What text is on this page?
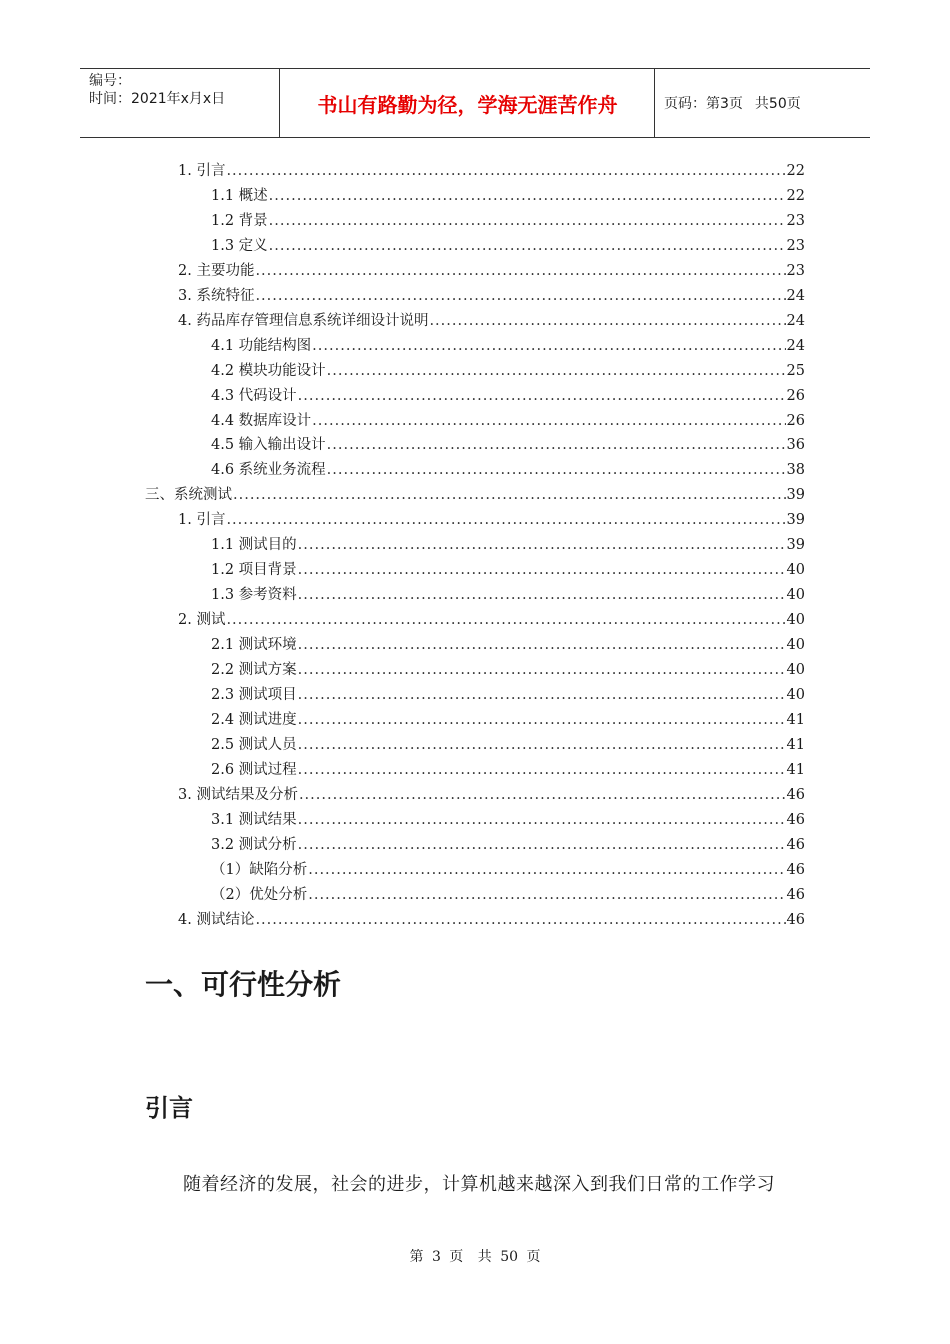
编号：
时间：2021年x月x日	书山有路勤为径，学海无涯苦作舟	页码：第3页 共50页
1. 引言 .....	22
1.1 概述 .....	22
1.2 背景 .....	23
1.3 定义 .....	23
2. 主要功能 .....	23
3. 系统特征 .....	24
4. 药品库存管理信息系统详细设计说明 .....	24
4.1 功能结构图 .....	24
4.2 模块功能设计 .....	25
4.3 代码设计 .....	26
4.4 数据库设计 .....	26
4.5 输入输出设计 .....	36
4.6 系统业务流程 .....	38
三、系统测试 .....	39
1. 引言 .....	39
1.1 测试目的 .....	39
1.2 项目背景 .....	40
1.3 参考资料 .....	40
2. 测试 .....	40
2.1 测试环境 .....	40
2.2 测试方案 .....	40
2.3 测试项目 .....	40
2.4 测试进度 .....	41
2.5 测试人员 .....	41
2.6 测试过程 .....	41
3. 测试结果及分析 .....	46
3.1 测试结果 .....	46
3.2 测试分析 .....	46
（1）缺陷分析 .....	46
（2）优处分析 .....	46
4. 测试结论 .....	46
一、可行性分析
引言
随着经济的发展，社会的进步，计算机越来越深入到我们日常的工作学习
第 3 页 共 50 页
